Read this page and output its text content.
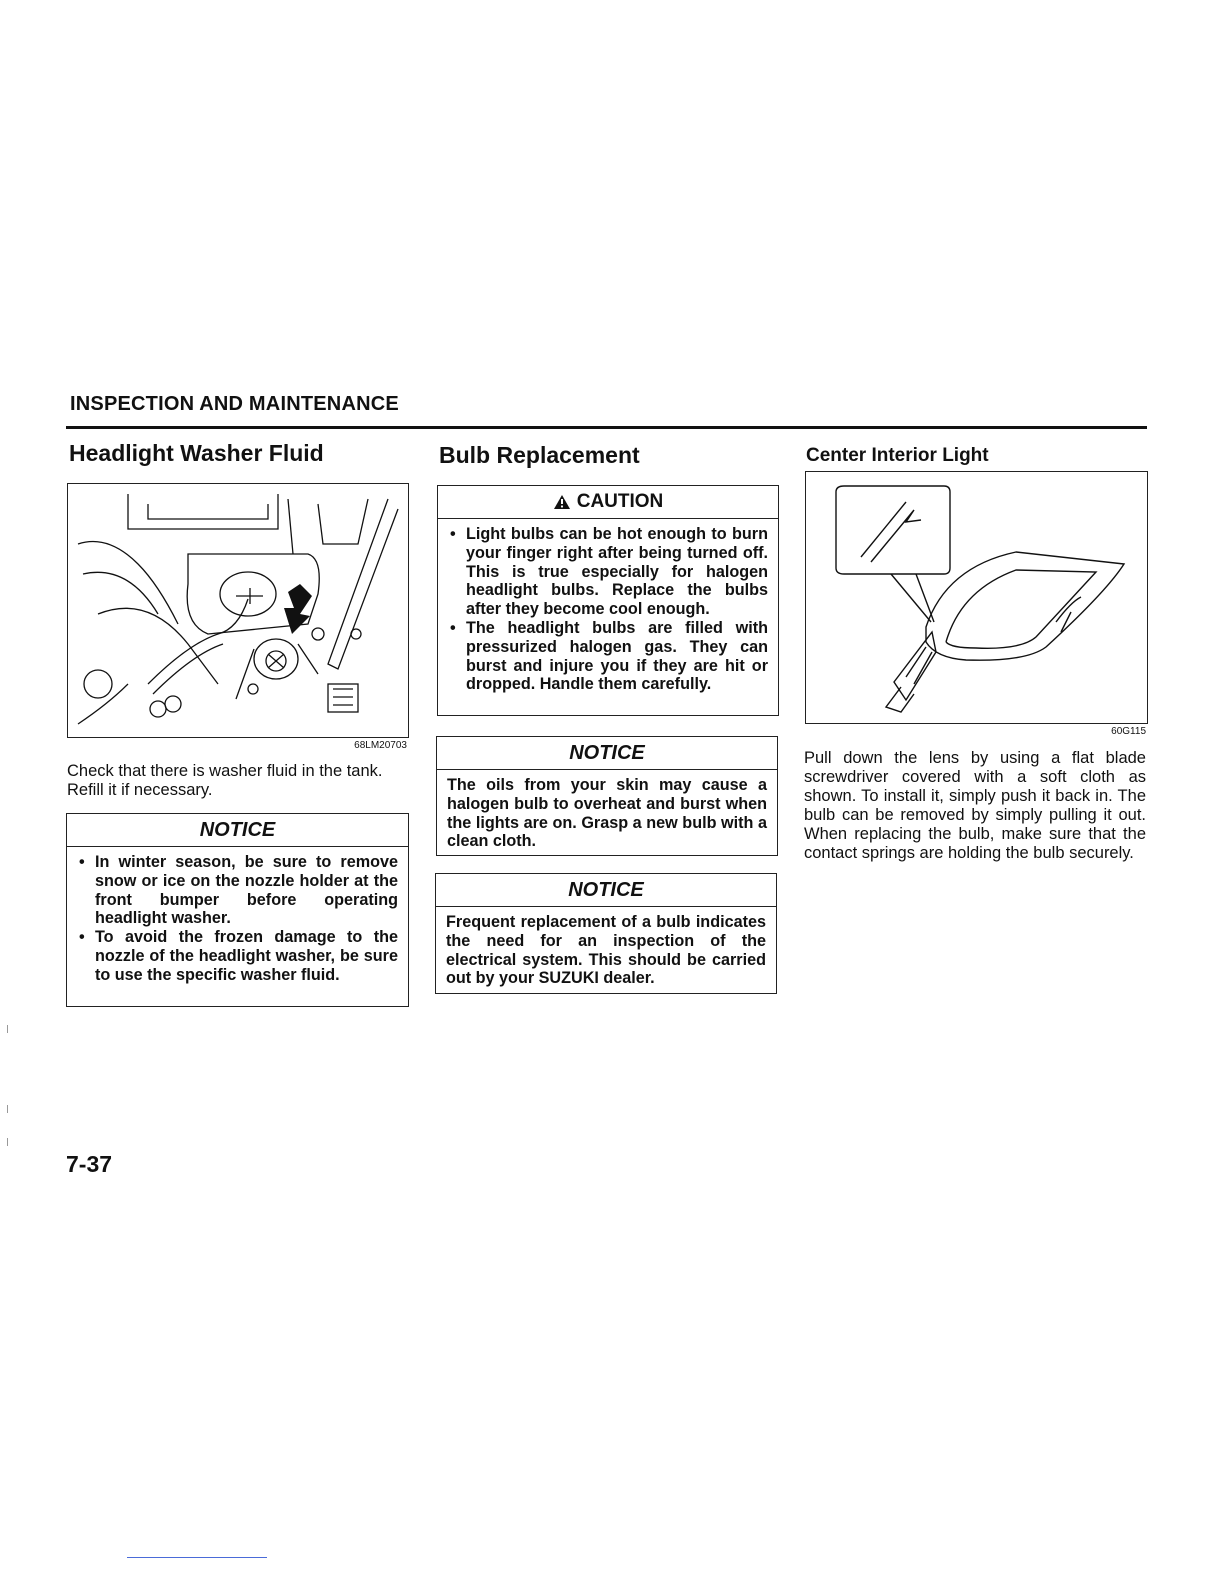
INSPECTION AND MAINTENANCE
Headlight Washer Fluid
68LM20703
Check that there is washer fluid in the tank. Refill it if necessary.
NOTICE
• In winter season, be sure to remove snow or ice on the nozzle holder at the front bumper before operating headlight washer.
• To avoid the frozen damage to the nozzle of the headlight washer, be sure to use the specific washer fluid.
Bulb Replacement
CAUTION
• Light bulbs can be hot enough to burn your finger right after being turned off. This is true especially for halogen headlight bulbs. Replace the bulbs after they become cool enough.
• The headlight bulbs are filled with pressurized halogen gas. They can burst and injure you if they are hit or dropped. Handle them carefully.
NOTICE
The oils from your skin may cause a halogen bulb to overheat and burst when the lights are on. Grasp a new bulb with a clean cloth.
NOTICE
Frequent replacement of a bulb indicates the need for an inspection of the electrical system. This should be carried out by your SUZUKI dealer.
Center Interior Light
60G115
Pull down the lens by using a flat blade screwdriver covered with a soft cloth as shown. To install it, simply push it back in. The bulb can be removed by simply pulling it out. When replacing the bulb, make sure that the contact springs are holding the bulb securely.
7-37
